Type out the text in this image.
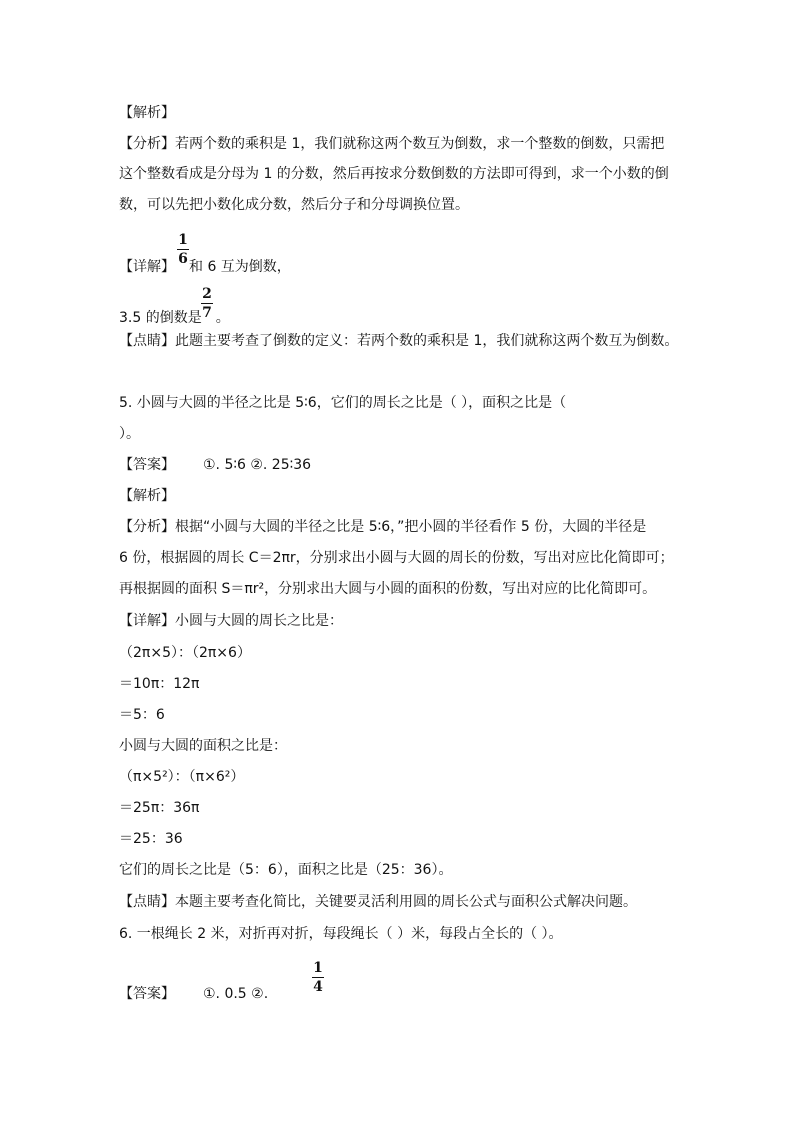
【解析】
【分析】若两个数的乘积是 1，我们就称这两个数互为倒数，求一个整数的倒数，只需把
这个整数看成是分母为 1 的分数，然后再按求分数倒数的方法即可得到，求一个小数的倒
数，可以先把小数化成分数，然后分子和分母调换位置。
1
6
【详解】 和 6 互为倒数，
2
7
3.5 的倒数是 。
【点睛】此题主要考查了倒数的定义：若两个数的乘积是 1，我们就称这两个数互为倒数。
5. 小圆与大圆的半径之比是 5∶6，它们的周长之比是（ ），面积之比是（
）。
【答案】 ①. 5∶6 ②. 25∶36
【解析】
【分析】根据“小圆与大圆的半径之比是 5∶6，”把小圆的半径看作 5 份，大圆的半径是
6 份，根据圆的周长 C＝2πr，分别求出小圆与大圆的周长的份数，写出对应比化简即可；
再根据圆的面积 S＝πr²，分别求出大圆与小圆的面积的份数，写出对应的比化简即可。
【详解】小圆与大圆的周长之比是：
（2π×5）：（2π×6）
＝10π：12π
＝5：6
小圆与大圆的面积之比是：
（π×5²）：（π×6²）
＝25π：36π
＝25：36
它们的周长之比是（5：6），面积之比是（25：36）。
【点睛】本题主要考查化简比，关键要灵活利用圆的周长公式与面积公式解决问题。
6. 一根绳长 2 米，对折再对折，每段绳长（ ）米，每段占全长的（ ）。
1
4
【答案】 ①. 0.5 ②.
